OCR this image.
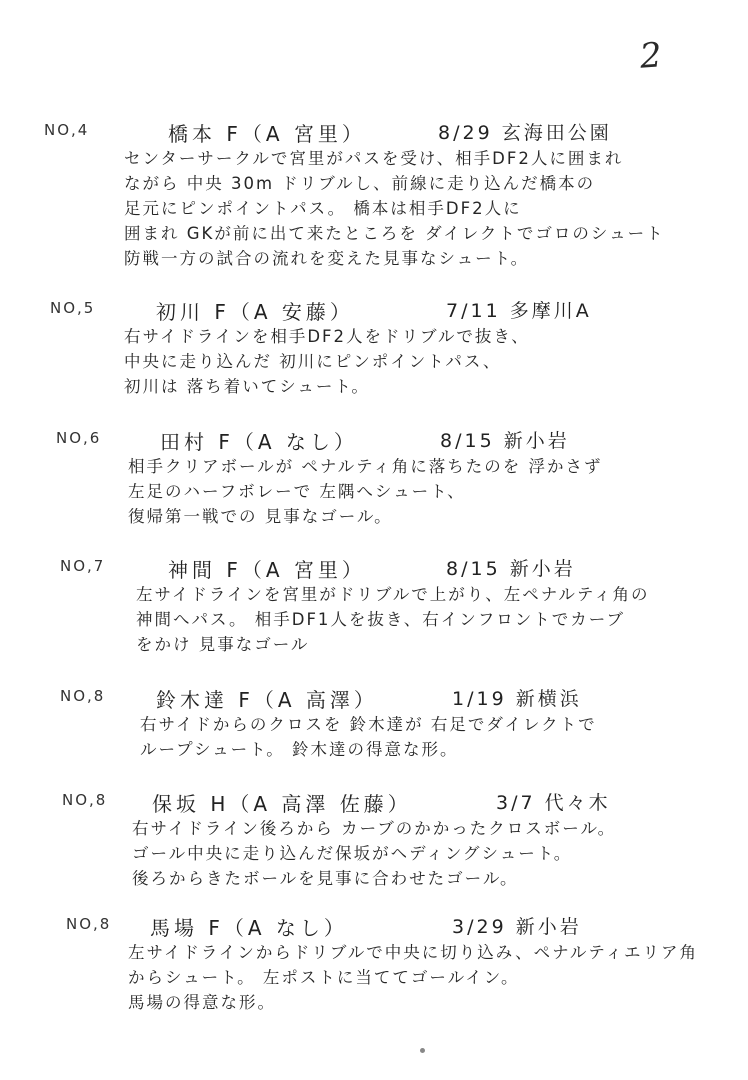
2
NO,4	橋本 F（A 宮里）	8/29 玄海田公園
センターサークルで宮里がパスを受け、相手DF2人に囲まれ
ながら 中央 30m ドリブルし、前線に走り込んだ橋本の
足元にピンポイントパス。 橋本は相手DF2人に
囲まれ GKが前に出て来たところを ダイレクトでゴロのシュート
防戦一方の試合の流れを変えた見事なシュート。
NO,5	初川 F（A 安藤）	7/11 多摩川A
右サイドラインを相手DF2人をドリブルで抜き、
中央に走り込んだ 初川にピンポイントパス、
初川は 落ち着いてシュート。
NO,6	田村 F（A なし）	8/15 新小岩
相手クリアボールが ペナルティ角に落ちたのを 浮かさず
左足のハーフボレーで 左隅へシュート、
復帰第一戦での 見事なゴール。
NO,7	神間 F（A 宮里）	8/15 新小岩
左サイドラインを宮里がドリブルで上がり、左ペナルティ角の
神間へパス。 相手DF1人を抜き、右インフロントでカーブ
をかけ 見事なゴール
NO,8	鈴木達 F（A 高澤）	1/19 新横浜
右サイドからのクロスを 鈴木達が 右足でダイレクトで
ループシュート。 鈴木達の得意な形。
NO,8 保坂 H（A 高澤 佐藤）	3/7 代々木
右サイドライン後ろから カーブのかかったクロスボール。
ゴール中央に走り込んだ保坂がヘディングシュート。
後ろからきたボールを見事に合わせたゴール。
NO,8 馬場 F（A なし）	3/29 新小岩
左サイドラインからドリブルで中央に切り込み、ペナルティエリア角
からシュート。 左ポストに当ててゴールイン。
馬場の得意な形。
